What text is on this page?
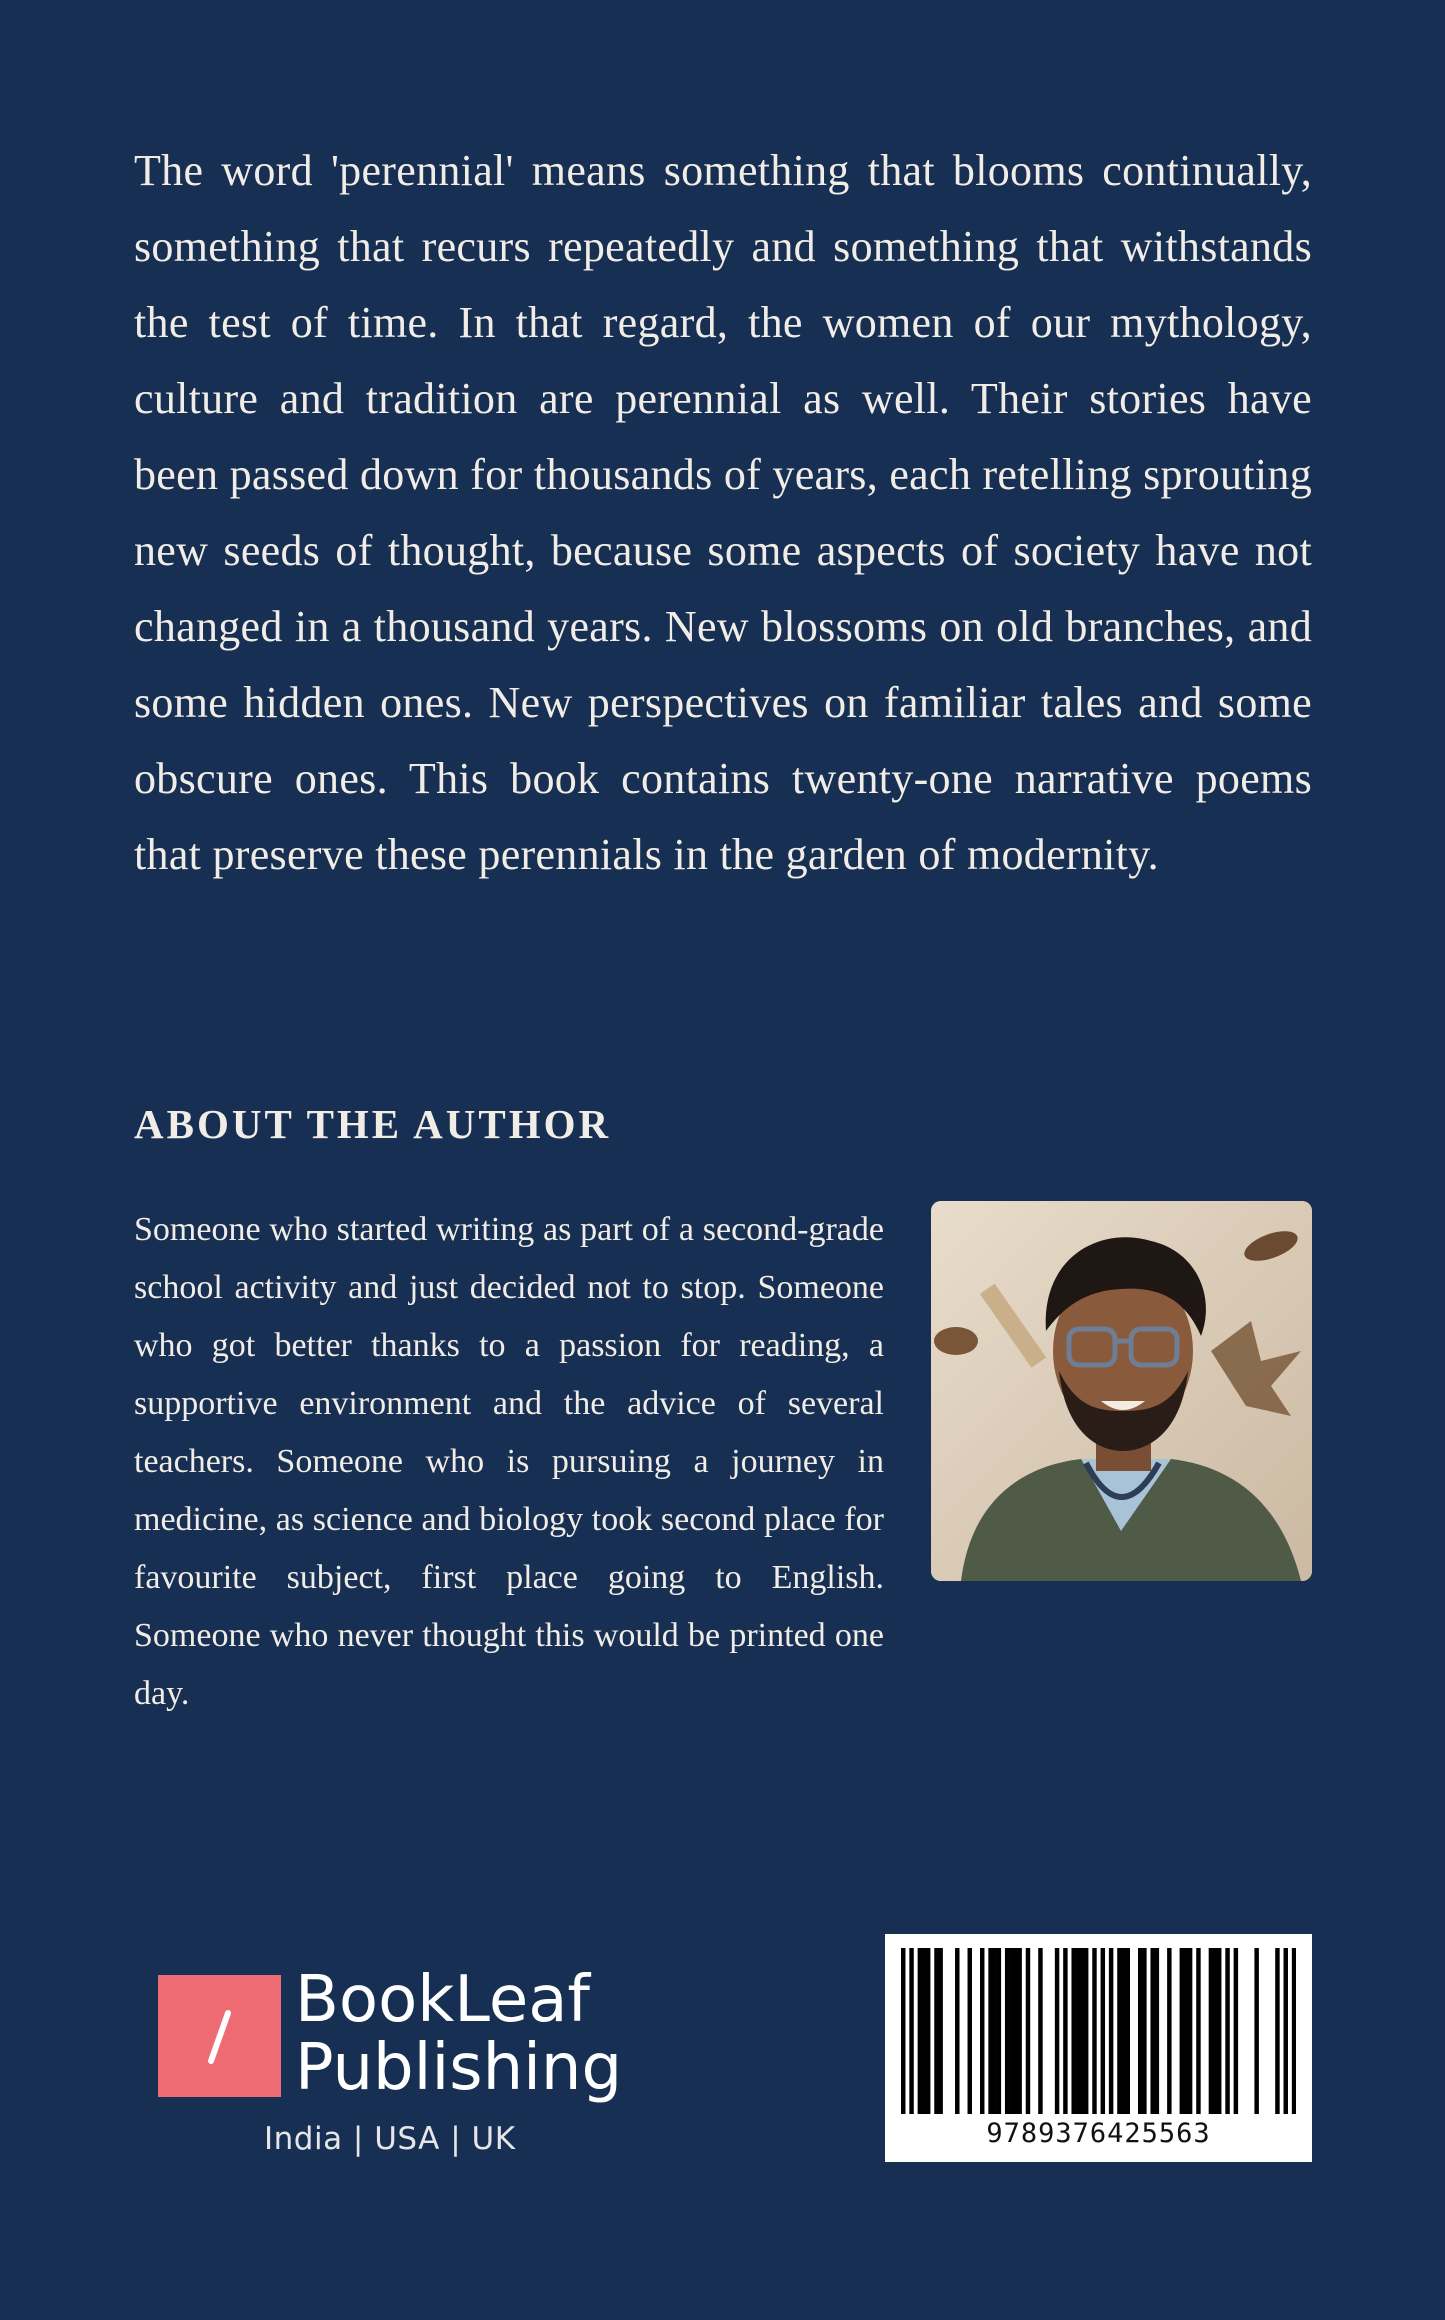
The word 'perennial' means something that blooms continually, something that recurs repeatedly and something that withstands the test of time. In that regard, the women of our mythology, culture and tradition are perennial as well. Their stories have been passed down for thousands of years, each retelling sprouting new seeds of thought, because some aspects of society have not changed in a thousand years. New blossoms on old branches, and some hidden ones. New perspectives on familiar tales and some obscure ones. This book contains twenty-one narrative poems that preserve these perennials in the garden of modernity.

ABOUT THE AUTHOR

Someone who started writing as part of a second-grade school activity and just decided not to stop. Someone who got better thanks to a passion for reading, a supportive environment and the advice of several teachers. Someone who is pursuing a journey in medicine, as science and biology took second place for favourite subject, first place going to English. Someone who never thought this would be printed one day.

BookLeaf
Publishing
India | USA | UK	9789376425563
